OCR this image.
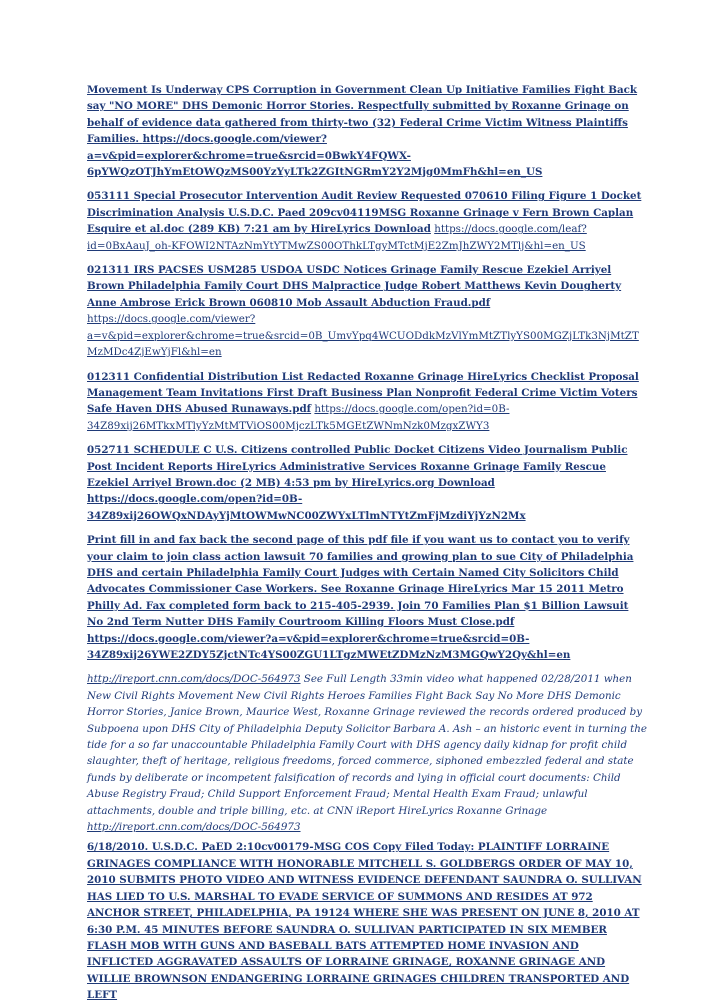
Movement Is Underway CPS Corruption in Government Clean Up Initiative Families Fight Back say "NO MORE" DHS Demonic Horror Stories. Respectfully submitted by Roxanne Grinage on behalf of evidence data gathered from thirty-two (32) Federal Crime Victim Witness Plaintiffs Families. https://docs.google.com/viewer?a=v&pid=explorer&chrome=true&srcid=0BwkY4FQWX-6pYWQzOTJhYmEtOWQzMS00YzYyLTk2ZGItNGRmY2Y2Mjg0MmFh&hl=en_US

053111 Special Prosecutor Intervention Audit Review Requested 070610 Filing Figure 1 Docket Discrimination Analysis U.S.D.C. Paed 209cv04119MSG Roxanne Grinage v Fern Brown Caplan Esquire et al.doc (289 KB) 7:21 am by HireLyrics Download https://docs.google.com/leaf?id=0BxAauJ_oh-KFOWI2NTAzNmYtYTMwZS00OThkLTgyMTctMjE2ZmJhZWY2MTlj&hl=en_US

021311 IRS PACSES USM285 USDOA USDC Notices Grinage Family Rescue Ezekiel Arriyel Brown Philadelphia Family Court DHS Malpractice Judge Robert Matthews Kevin Dougherty Anne Ambrose Erick Brown 060810 Mob Assault Abduction Fraud.pdf https://docs.google.com/viewer?a=v&pid=explorer&chrome=true&srcid=0B_UmvYpq4WCUODdkMzVlYmMtZTlyYS00MGZjLTk3NjMtZTMzMDc4ZjEwYjFl&hl=en

012311 Confidential Distribution List Redacted Roxanne Grinage HireLyrics Checklist Proposal Management Team Invitations First Draft Business Plan Nonprofit Federal Crime Victim Voters Safe Haven DHS Abused Runaways.pdf https://docs.google.com/open?id=0B-34Z89xij26MTkxMTlyYzMtMTViOS00MjczLTk5MGEtZWNmNzk0MzgxZWY3

052711 SCHEDULE C U.S. Citizens controlled Public Docket Citizens Video Journalism Public Post Incident Reports HireLyrics Administrative Services Roxanne Grinage Family Rescue Ezekiel Arriyel Brown.doc (2 MB) 4:53 pm by HireLyrics.org Download https://docs.google.com/open?id=0B-34Z89xij26OWQxNDAyYjMtOWMwNC00ZWYxLTlmNTYtZmFjMzdiYjYzN2Mx

Print fill in and fax back the second page of this pdf file if you want us to contact you to verify your claim to join class action lawsuit 70 families and growing plan to sue City of Philadelphia DHS and certain Philadelphia Family Court Judges with Certain Named City Solicitors Child Advocates Commissioner Case Workers. See Roxanne Grinage HireLyrics Mar 15 2011 Metro Philly Ad. Fax completed form back to 215-405-2939. Join 70 Families Plan $1 Billion Lawsuit No 2nd Term Nutter DHS Family Courtroom Killing Floors Must Close.pdf https://docs.google.com/viewer?a=v&pid=explorer&chrome=true&srcid=0B-34Z89xij26YWE2ZDY5ZjctNTc4YS00ZGU1LTgzMWEtZDMzNzM3MGQwY2Qy&hl=en

http://ireport.cnn.com/docs/DOC-564973 See Full Length 33min video what happened 02/28/2011 when New Civil Rights Movement New Civil Rights Heroes Families Fight Back Say No More DHS Demonic Horror Stories, Janice Brown, Maurice West, Roxanne Grinage reviewed the records ordered produced by Subpoena upon DHS City of Philadelphia Deputy Solicitor Barbara A. Ash – an historic event in turning the tide for a so far unaccountable Philadelphia Family Court with DHS agency daily kidnap for profit child slaughter, theft of heritage, religious freedoms, forced commerce, siphoned embezzled federal and state funds by deliberate or incompetent falsification of records and lying in official court documents: Child Abuse Registry Fraud; Child Support Enforcement Fraud; Mental Health Exam Fraud; unlawful attachments, double and triple billing, etc. at CNN iReport HireLyrics Roxanne Grinage http://ireport.cnn.com/docs/DOC-564973

6/18/2010. U.S.D.C. PaED 2:10cv00179-MSG COS Copy Filed Today: PLAINTIFF LORRAINE GRINAGES COMPLIANCE WITH HONORABLE MITCHELL S. GOLDBERGS ORDER OF MAY 10, 2010 SUBMITS PHOTO VIDEO AND WITNESS EVIDENCE DEFENDANT SAUNDRA O. SULLIVAN HAS LIED TO U.S. MARSHAL TO EVADE SERVICE OF SUMMONS AND RESIDES AT 972 ANCHOR STREET, PHILADELPHIA, PA 19124 WHERE SHE WAS PRESENT ON JUNE 8, 2010 AT 6:30 P.M. 45 MINUTES BEFORE SAUNDRA O. SULLIVAN PARTICIPATED IN SIX MEMBER FLASH MOB WITH GUNS AND BASEBALL BATS ATTEMPTED HOME INVASION AND INFLICTED AGGRAVATED ASSAULTS OF LORRAINE GRINAGE, ROXANNE GRINAGE AND WILLIE BROWNSON ENDANGERING LORRAINE GRINAGES CHILDREN TRANSPORTED AND LEFT
